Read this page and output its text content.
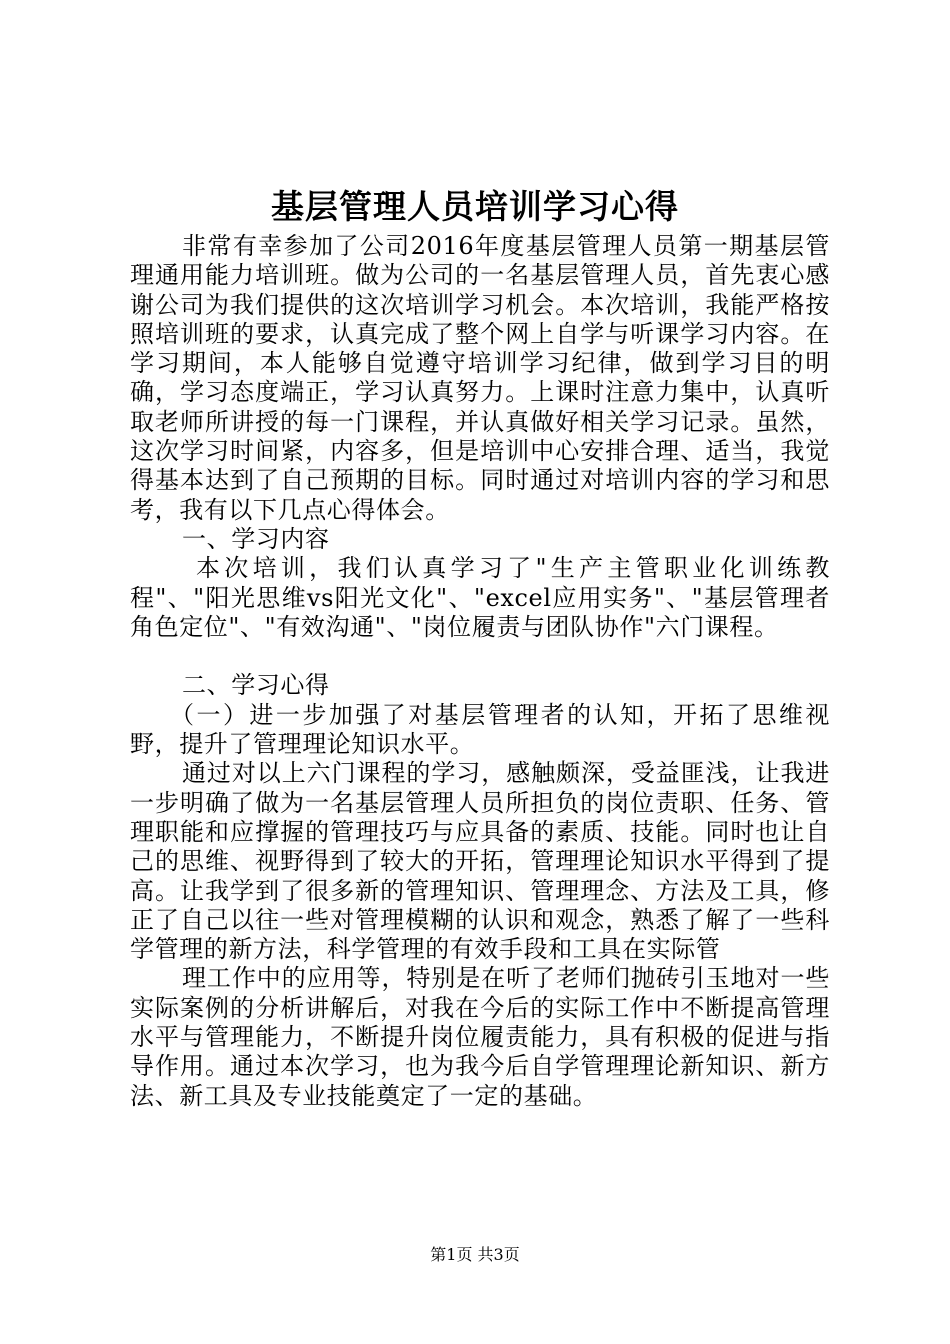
基层管理人员培训学习心得

非常有幸参加了公司2016年度基层管理人员第一期基层管理通用能力培训班。做为公司的一名基层管理人员，首先衷心感谢公司为我们提供的这次培训学习机会。本次培训，我能严格按照培训班的要求，认真完成了整个网上自学与听课学习内容。在学习期间，本人能够自觉遵守培训学习纪律，做到学习目的明确，学习态度端正，学习认真努力。上课时注意力集中，认真听取老师所讲授的每一门课程，并认真做好相关学习记录。虽然，这次学习时间紧，内容多，但是培训中心安排合理、适当，我觉得基本达到了自己预期的目标。同时通过对培训内容的学习和思考，我有以下几点心得体会。

一、学习内容

本次培训，我们认真学习了"生产主管职业化训练教程"、"阳光思维vs阳光文化"、"excel应用实务"、"基层管理者角色定位"、"有效沟通"、"岗位履责与团队协作"六门课程。

二、学习心得

（一）进一步加强了对基层管理者的认知，开拓了思维视野，提升了管理理论知识水平。

通过对以上六门课程的学习，感触颇深，受益匪浅，让我进一步明确了做为一名基层管理人员所担负的岗位责职、任务、管理职能和应撑握的管理技巧与应具备的素质、技能。同时也让自己的思维、视野得到了较大的开拓，管理理论知识水平得到了提高。让我学到了很多新的管理知识、管理理念、方法及工具，修正了自己以往一些对管理模糊的认识和观念，熟悉了解了一些科学管理的新方法，科学管理的有效手段和工具在实际管

理工作中的应用等，特别是在听了老师们抛砖引玉地对一些实际案例的分析讲解后，对我在今后的实际工作中不断提高管理水平与管理能力，不断提升岗位履责能力，具有积极的促进与指导作用。通过本次学习，也为我今后自学管理理论新知识、新方法、新工具及专业技能奠定了一定的基础。

第1页 共3页
